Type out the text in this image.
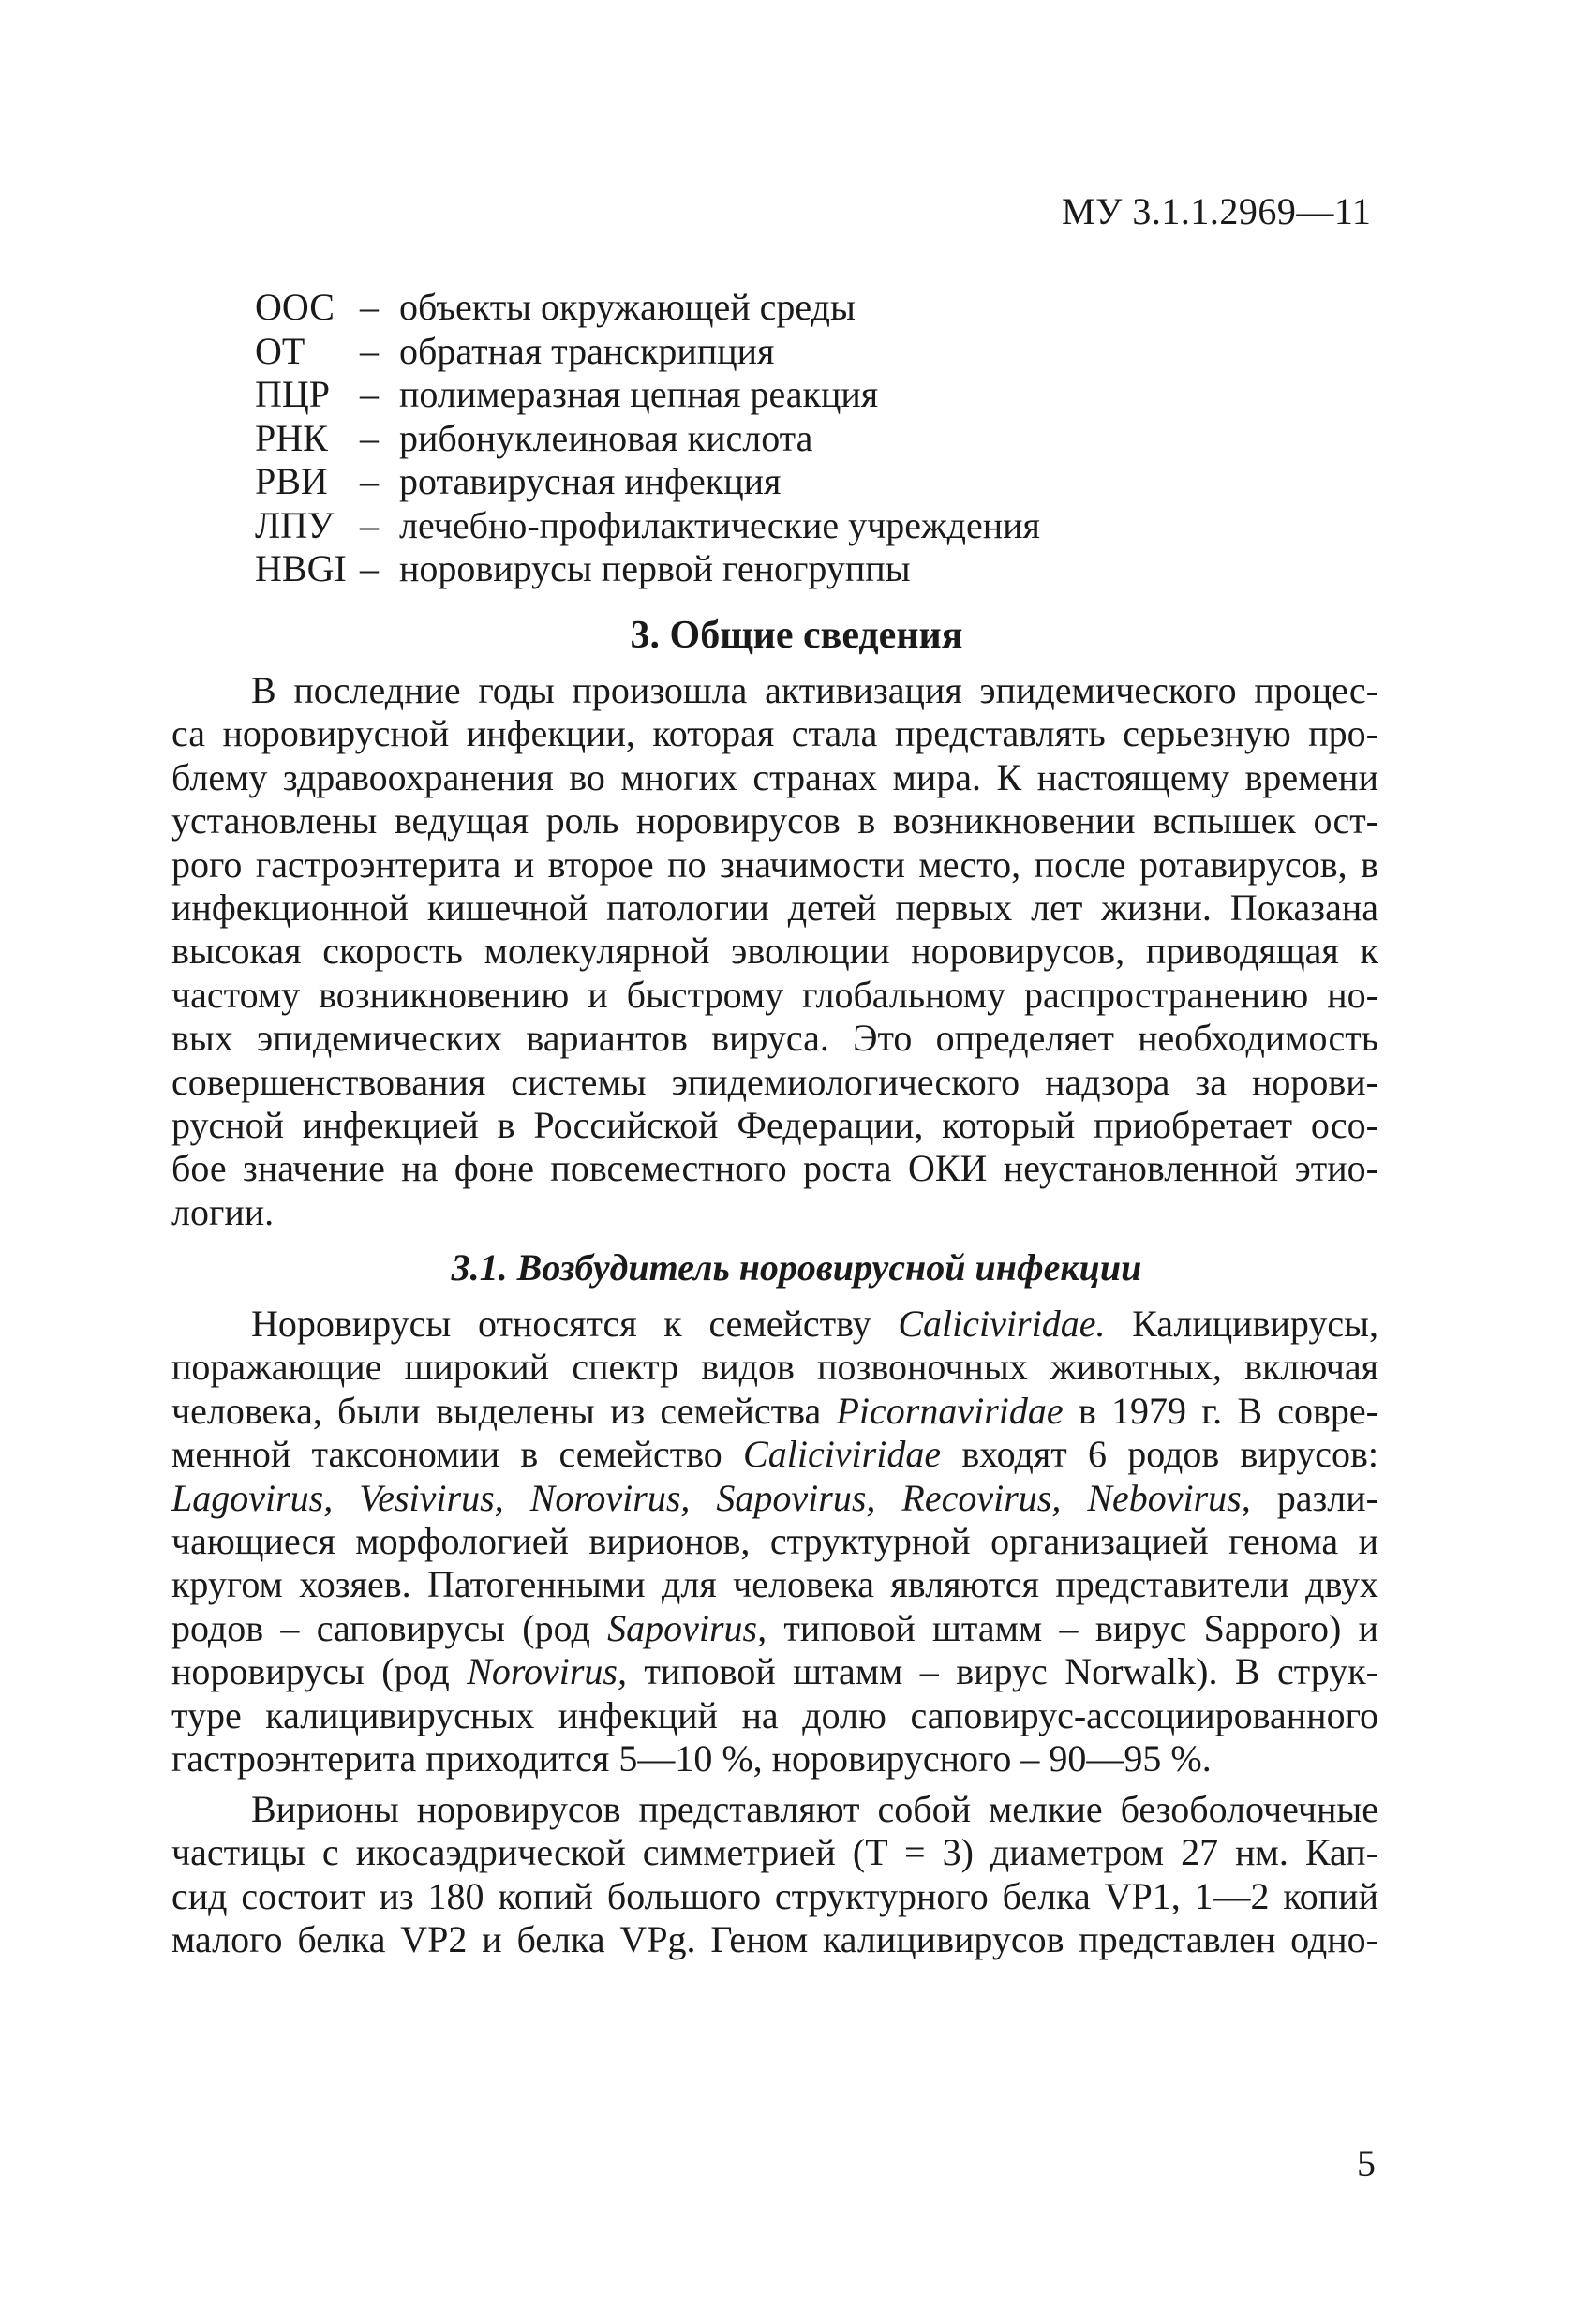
МУ 3.1.1.2969—11
ООС – объекты окружающей среды
ОТ – обратная транскрипция
ПЦР – полимеразная цепная реакция
РНК – рибонуклеиновая кислота
РВИ – ротавирусная инфекция
ЛПУ – лечебно-профилактические учреждения
HBGI – норовирусы первой геногруппы
3. Общие сведения
В последние годы произошла активизация эпидемического процес-
са норовирусной инфекции, которая стала представлять серьезную про-
блему здравоохранения во многих странах мира. К настоящему времени
установлены ведущая роль норовирусов в возникновении вспышек ост-
рого гастроэнтерита и второе по значимости место, после ротавирусов, в
инфекционной кишечной патологии детей первых лет жизни. Показана
высокая скорость молекулярной эволюции норовирусов, приводящая к
частому возникновению и быстрому глобальному распространению но-
вых эпидемических вариантов вируса. Это определяет необходимость
совершенствования системы эпидемиологического надзора за норови-
русной инфекцией в Российской Федерации, который приобретает осо-
бое значение на фоне повсеместного роста ОКИ неустановленной этио-
логии.
3.1. Возбудитель норовирусной инфекции
Норовирусы относятся к семейству Caliciviridae. Калицивирусы,
поражающие широкий спектр видов позвоночных животных, включая
человека, были выделены из семейства Picornaviridae в 1979 г. В совре-
менной таксономии в семейство Caliciviridae входят 6 родов вирусов:
Lagovirus, Vesivirus, Norovirus, Sapovirus, Recovirus, Nebovirus, разли-
чающиеся морфологией вирионов, структурной организацией генома и
кругом хозяев. Патогенными для человека являются представители двух
родов – саповирусы (род Sapovirus, типовой штамм – вирус Sapporo) и
норовирусы (род Norovirus, типовой штамм – вирус Norwalk). В струк-
туре калицивирусных инфекций на долю саповирус-ассоциированного
гастроэнтерита приходится 5—10 %, норовирусного – 90—95 %.
Вирионы норовирусов представляют собой мелкие безоболочечные
частицы с икосаэдрической симметрией (T = 3) диаметром 27 нм. Кап-
сид состоит из 180 копий большого структурного белка VP1, 1—2 копий
малого белка VP2 и белка VPg. Геном калицивирусов представлен одно-
5
